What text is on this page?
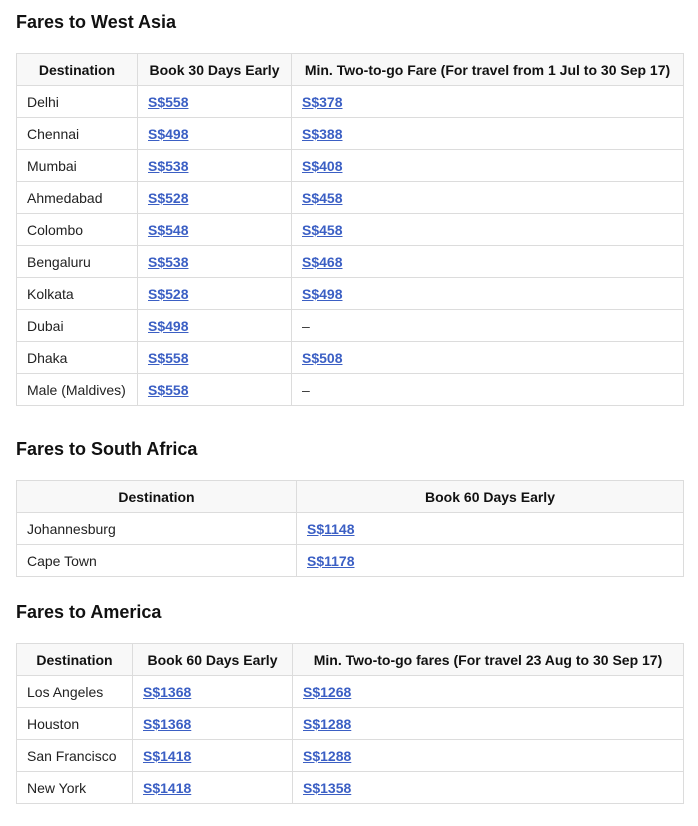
Fares to West Asia
Destination	Book 30 Days Early	Min. Two-to-go Fare (For travel from 1 Jul to 30 Sep 17)
Delhi	S$558	S$378
Chennai	S$498	S$388
Mumbai	S$538	S$408
Ahmedabad	S$528	S$458
Colombo	S$548	S$458
Bengaluru	S$538	S$468
Kolkata	S$528	S$498
Dubai	S$498	–
Dhaka	S$558	S$508
Male (Maldives)	S$558	–
Fares to South Africa
Destination	Book 60 Days Early
Johannesburg	S$1148
Cape Town	S$1178
Fares to America
Destination	Book 60 Days Early	Min. Two-to-go fares (For travel 23 Aug to 30 Sep 17)
Los Angeles	S$1368	S$1268
Houston	S$1368	S$1288
San Francisco	S$1418	S$1288
New York	S$1418	S$1358
